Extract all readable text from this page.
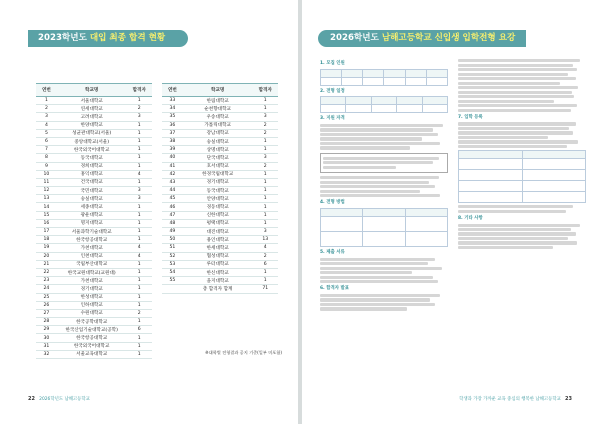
2023학년도 대입 최종 합격 현황
연번	학교명	합격자
1	서울대학교	1
2	연세대학교	2
3	고려대학교	3
4	한양대학교	1
5	성균관대학교(서울)	1
6	중앙대학교(서울)	1
7	한국외국어대학교	1
8	동국대학교	1
9	경희대학교	1
10	홍익대학교	4
11	건국대학교	1
12	국민대학교	3
13	숭실대학교	3
14	세종대학교	1
15	광운대학교	1
16	명지대학교	1
17	서울과학기술대학교	1
18	한국항공대학교	1
19	가천대학교	4
20	인천대학교	4
21	국립부산대학교	1
22	한국교원대학교(교원대)	1
23	가천대학교	1
24	경기대학교	1
25	한성대학교	1
26	인하대학교	1
27	수원대학교	2
28	한국공학대학교	1
29	한국산업기술대학교(공학)	6
30	한국항공대학교	1
31	한국외국어대학교	1
32	서울교육대학교	1
연번	학교명	합격자
33	한림대학교	1
34	순천향대학교	1
35	우송대학교	3
36	가톨릭대학교	2
37	강남대학교	2
38	숭실대학교	1
39	상명대학교	1
40	단국대학교	3
41	호서대학교	2
42	한경국립대학교	1
43	경기대학교	1
44	동국대학교	1
45	안양대학교	1
46	경동대학교	1
47	신한대학교	1
48	평택대학교	1
49	대진대학교	3
50	용인대학교	13
51	한세대학교	4
52	협성대학교	2
53	루터대학교	6
54	한신대학교	1
55	을지대학교	1
	총 합격자 합계	71
※대학별 전형결과 공지 기준(일부 미포함)
22 2026학년도 남해고등학교
2026학년도 남해고등학교 신입생 입학전형 요강
1. 모집 인원

2. 전형 일정

3. 지원 자격
4. 전형 방법

5. 제출 서류
6. 합격자 발표
7. 입학 등록

8. 기타 사항
학생과 가장 가까운 교육 중심의 행복한 남해고등학교 23
